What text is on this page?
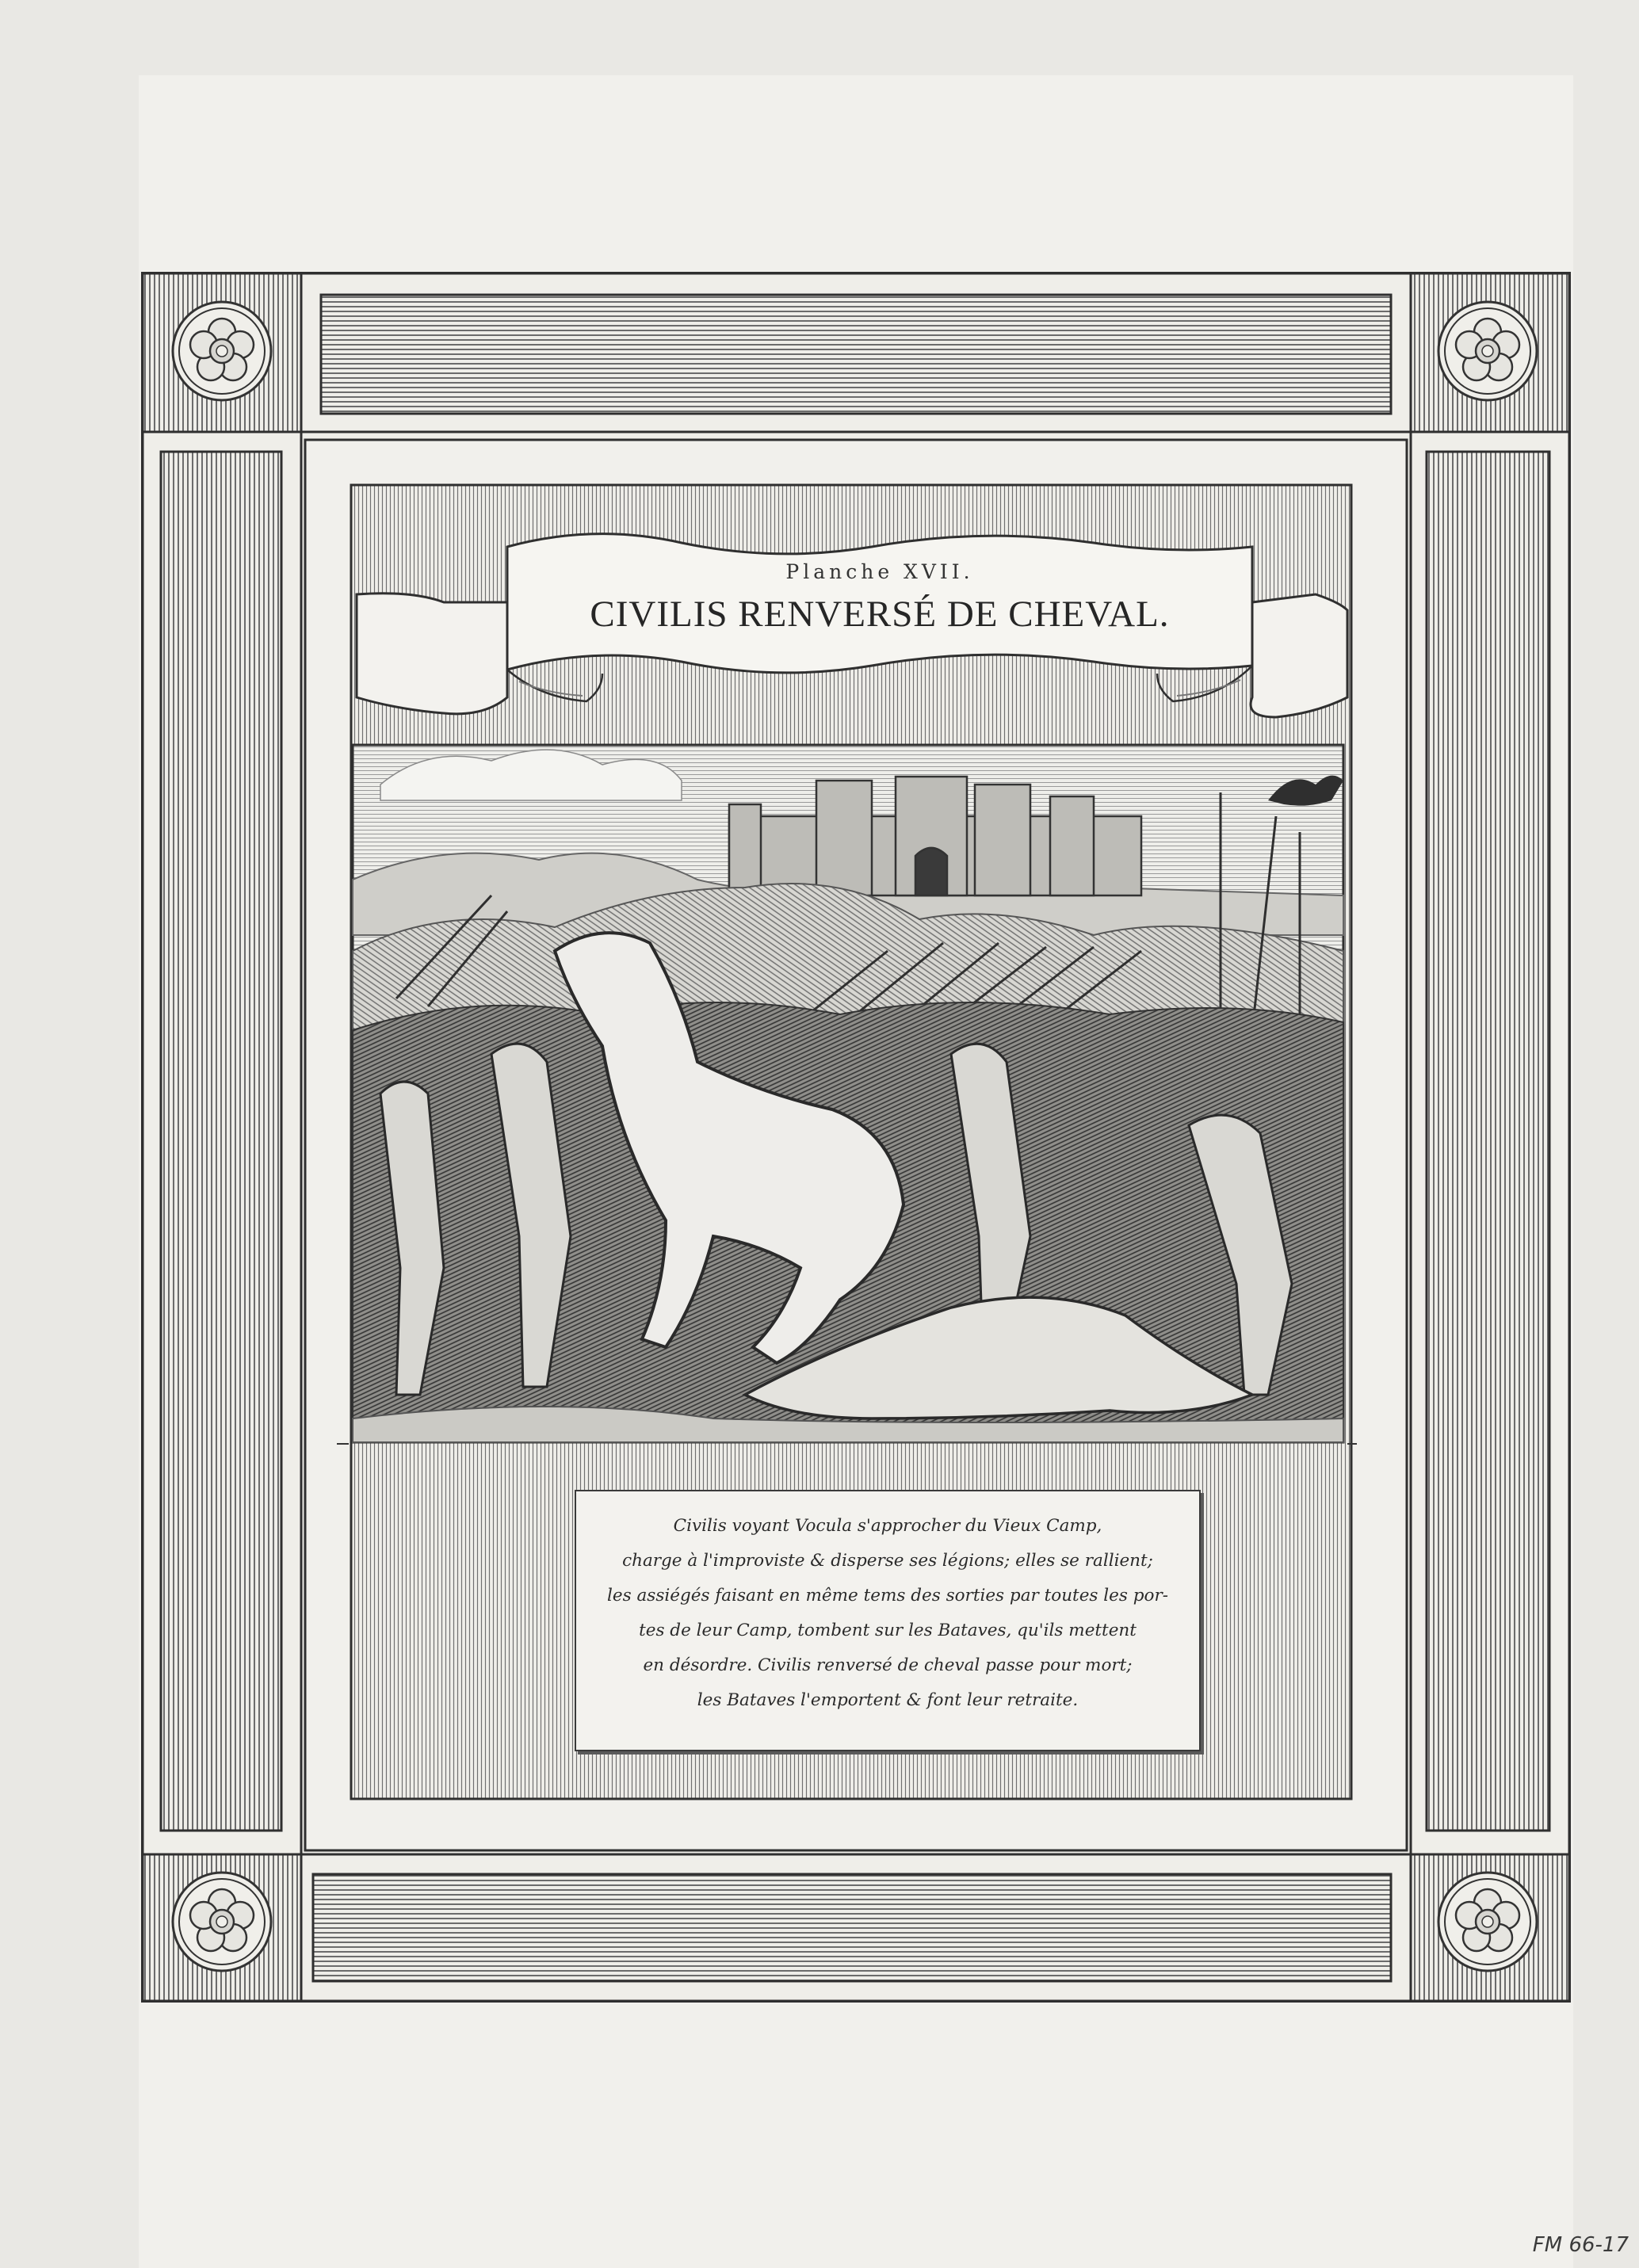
Planche XVII.
CIVILIS RENVERSÉ DE CHEVAL.
Civilis voyant Vocula s'approcher du Vieux Camp,
charge à l'improviste & disperse ses légions; elles se rallient;
les assiégés faisant en même tems des sorties par toutes les por-
tes de leur Camp, tombent sur les Bataves, qu'ils mettent
en désordre. Civilis renversé de cheval passe pour mort;
les Bataves l'emportent & font leur retraite.
FM 66-17
